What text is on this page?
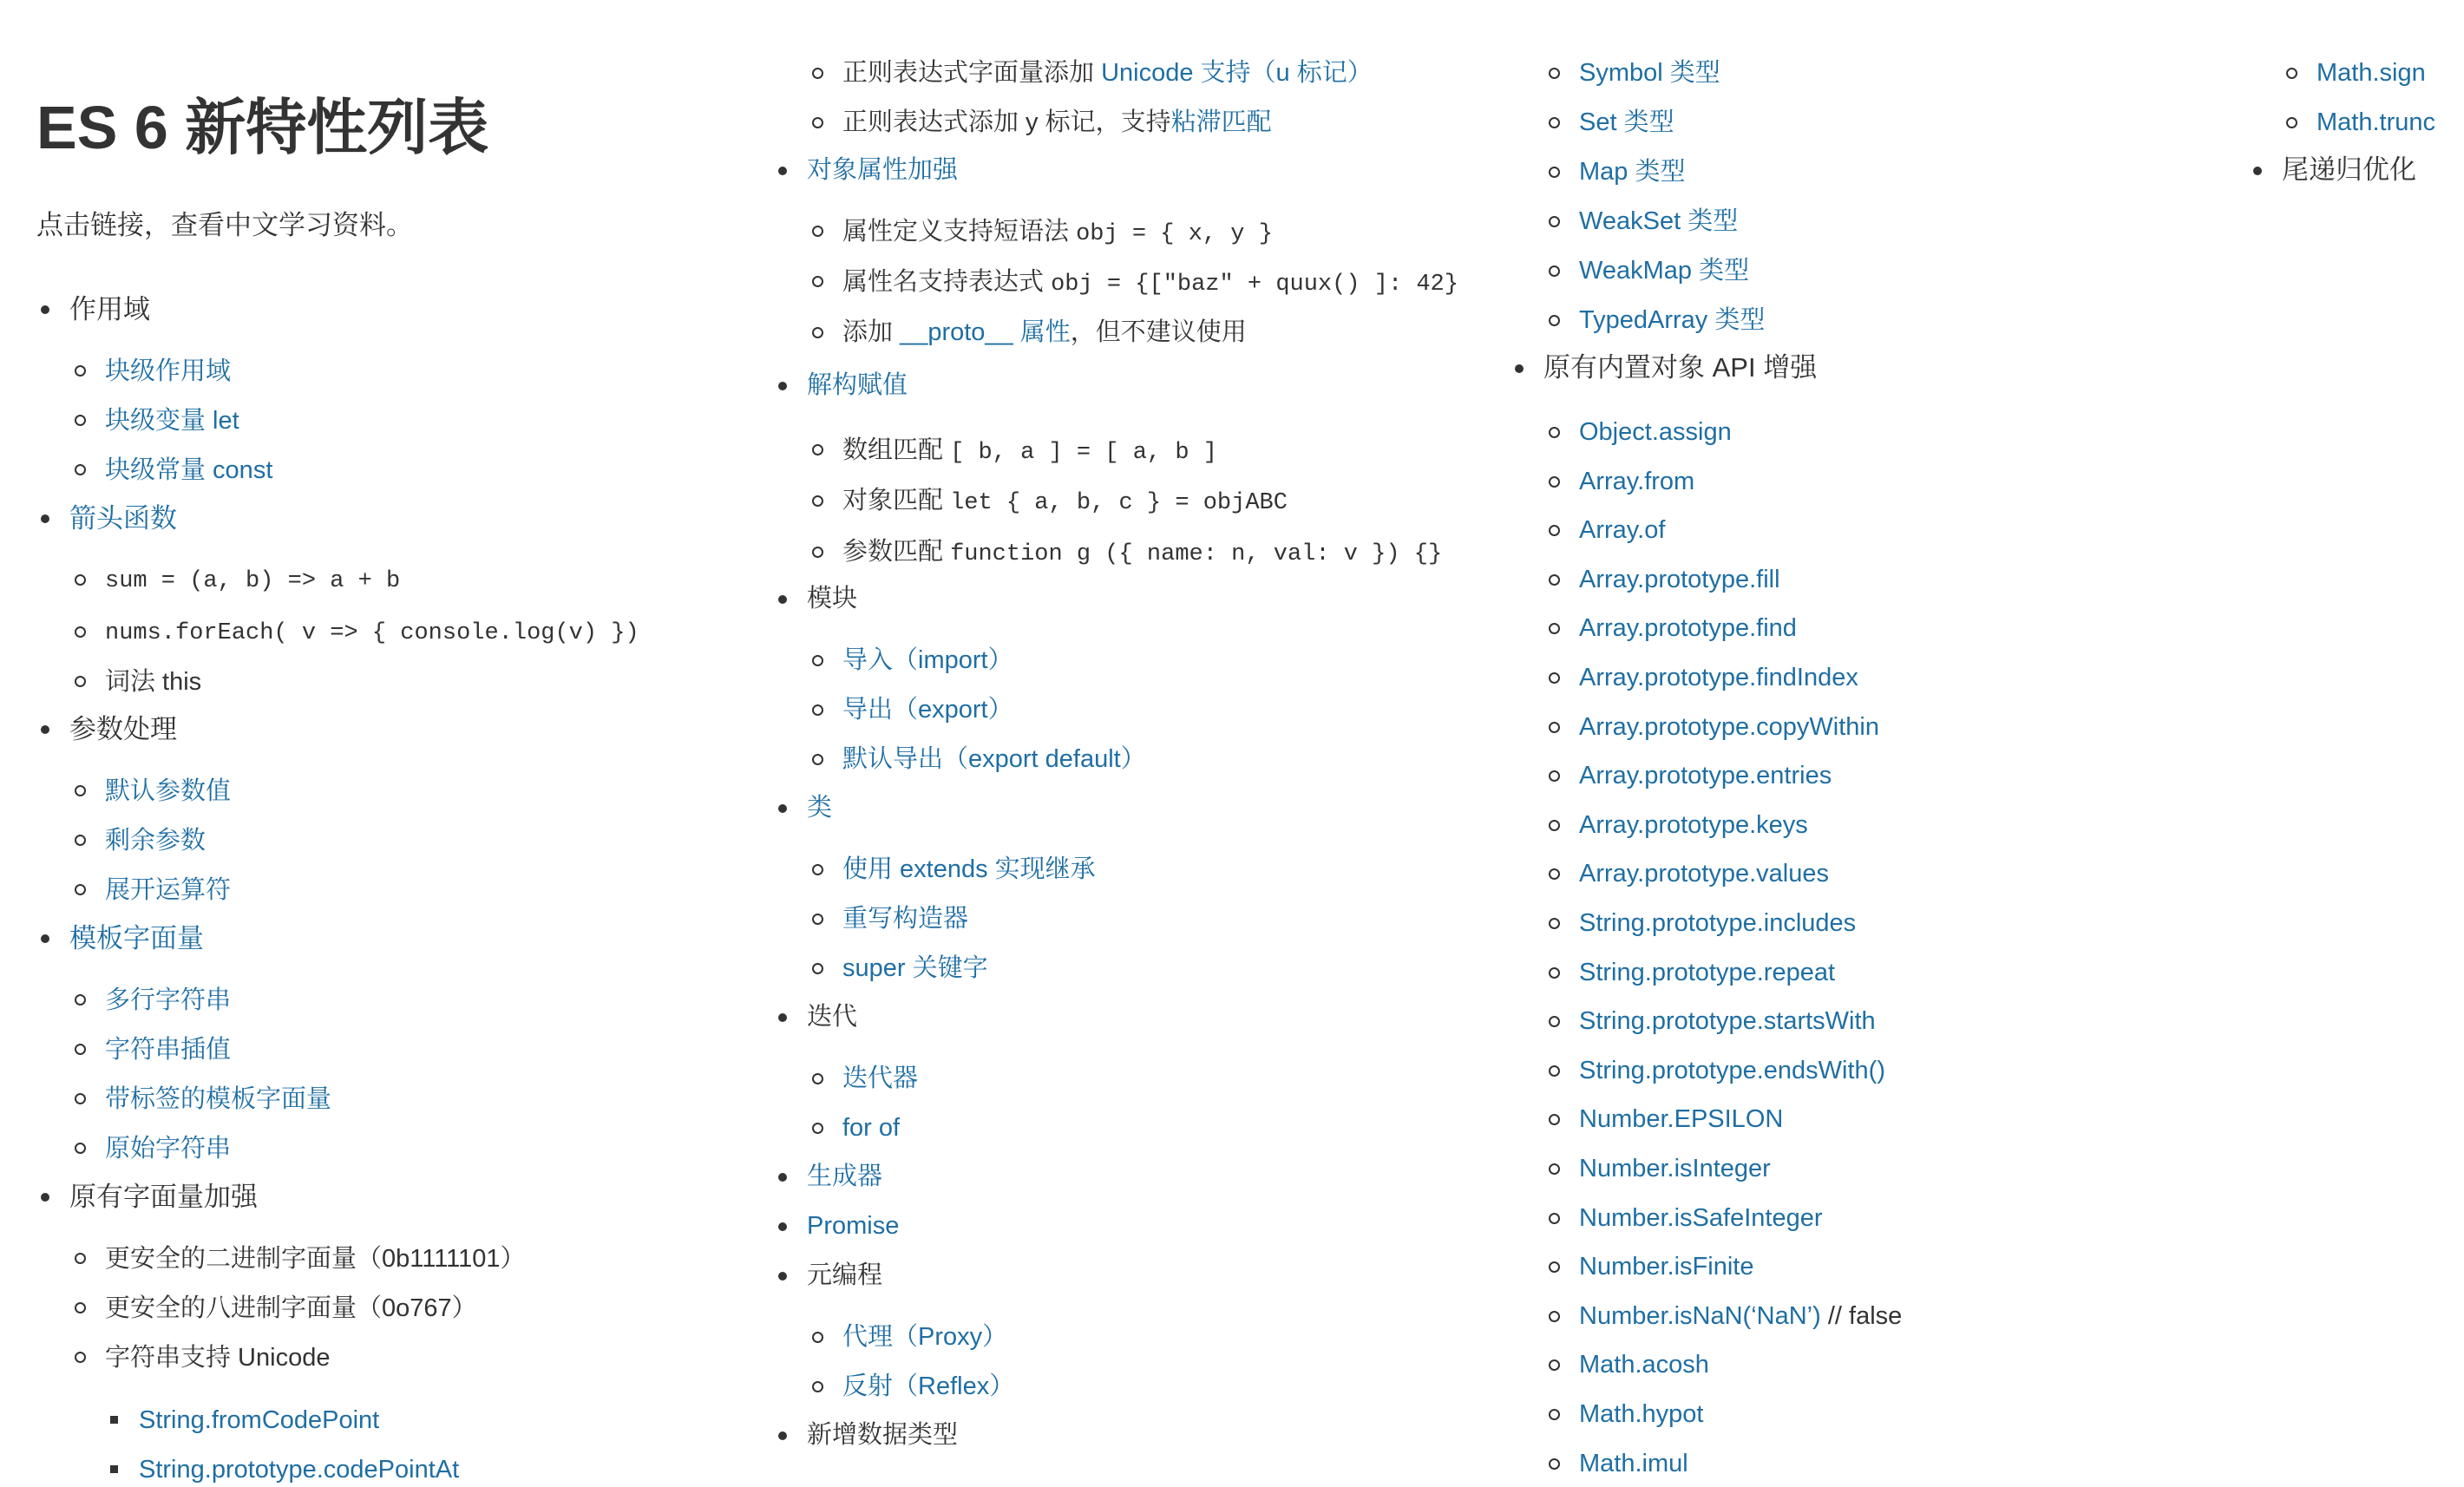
ES 6 新特性列表
点击链接，查看中文学习资料。
作用域
块级作用域
块级变量 let
块级常量 const
箭头函数
sum = (a, b) => a + b
nums.forEach( v => { console.log(v) })
词法 this
参数处理
默认参数值
剩余参数
展开运算符
模板字面量
多行字符串
字符串插值
带标签的模板字面量
原始字符串
原有字面量加强
更安全的二进制字面量（0b1111101）
更安全的八进制字面量（0o767）
字符串支持 Unicode
String.fromCodePoint
String.prototype.codePointAt
正则表达式字面量添加 Unicode 支持（u 标记）
正则表达式添加 y 标记，支持粘滞匹配
对象属性加强
属性定义支持短语法 obj = { x, y }
属性名支持表达式 obj = {["baz" + quux() ]: 42}
添加 __proto__ 属性，但不建议使用
解构赋值
数组匹配 [ b, a ] = [ a, b ]
对象匹配 let { a, b, c } = objABC
参数匹配 function g ({ name: n, val: v }) {}
模块
导入（import）
导出（export）
默认导出（export default）
类
使用 extends 实现继承
重写构造器
super 关键字
迭代
迭代器
for of
生成器
Promise
元编程
代理（Proxy）
反射（Reflex）
新增数据类型
Symbol 类型
Set 类型
Map 类型
WeakSet 类型
WeakMap 类型
TypedArray 类型
原有内置对象 API 增强
Object.assign
Array.from
Array.of
Array.prototype.fill
Array.prototype.find
Array.prototype.findIndex
Array.prototype.copyWithin
Array.prototype.entries
Array.prototype.keys
Array.prototype.values
String.prototype.includes
String.prototype.repeat
String.prototype.startsWith
String.prototype.endsWith()
Number.EPSILON
Number.isInteger
Number.isSafeInteger
Number.isFinite
Number.isNaN(‘NaN’) // false
Math.acosh
Math.hypot
Math.imul
Math.sign
Math.trunc
尾递归优化
